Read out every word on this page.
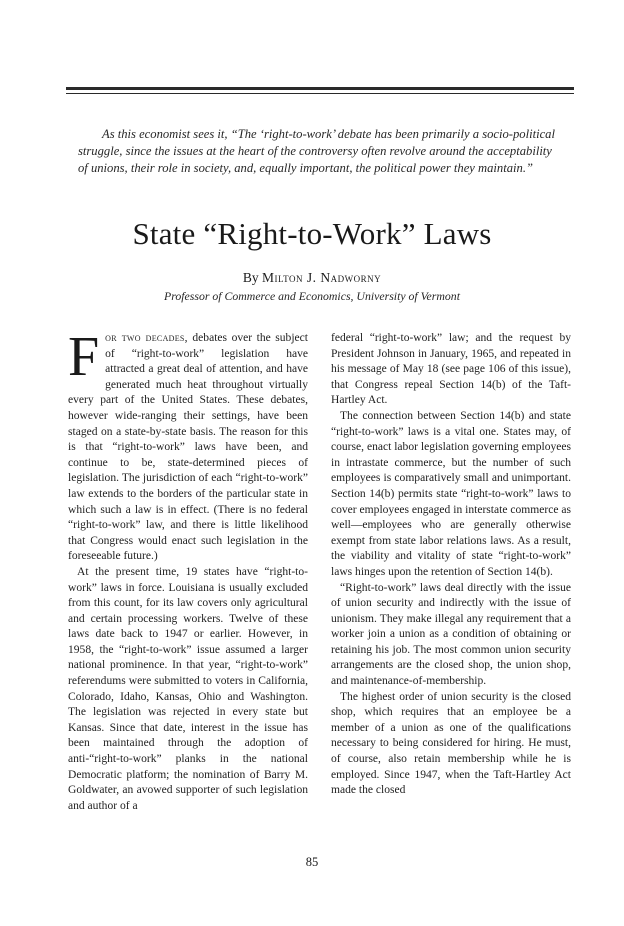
As this economist sees it, “The ‘right-to-work’ debate has been primarily a socio-political struggle, since the issues at the heart of the controversy often revolve around the acceptability of unions, their role in society, and, equally important, the political power they maintain.”
State “Right-to-Work” Laws
By Milton J. Nadworny
Professor of Commerce and Economics, University of Vermont

For two decades, debates over the subject of “right-to-work” legislation have attracted a great deal of attention, and have generated much heat throughout virtually every part of the United States. These debates, however wide-ranging their settings, have been staged on a state-by-state basis. The reason for this is that “right-to-work” laws have been, and continue to be, state-determined pieces of legislation. The jurisdiction of each “right-to-work” law extends to the borders of the particular state in which such a law is in effect. (There is no federal “right-to-work” law, and there is little likelihood that Congress would enact such legislation in the foreseeable future.)

At the present time, 19 states have “right-to-work” laws in force. Louisiana is usually excluded from this count, for its law covers only agricultural and certain processing workers. Twelve of these laws date back to 1947 or earlier. However, in 1958, the “right-to-work” issue assumed a larger national prominence. In that year, “right-to-work” referendums were submitted to voters in California, Colorado, Idaho, Kansas, Ohio and Washington. The legislation was rejected in every state but Kansas. Since that date, interest in the issue has been maintained through the adoption of anti-“right-to-work” planks in the national Democratic platform; the nomination of Barry M. Goldwater, an avowed supporter of such legislation and author of a

federal “right-to-work” law; and the request by President Johnson in January, 1965, and repeated in his message of May 18 (see page 106 of this issue), that Congress repeal Section 14(b) of the Taft-Hartley Act.

The connection between Section 14(b) and state “right-to-work” laws is a vital one. States may, of course, enact labor legislation governing employees in intrastate commerce, but the number of such employees is comparatively small and unimportant. Section 14(b) permits state “right-to-work” laws to cover employees engaged in interstate commerce as well—employees who are generally otherwise exempt from state labor relations laws. As a result, the viability and vitality of state “right-to-work” laws hinges upon the retention of Section 14(b).

“Right-to-work” laws deal directly with the issue of union security and indirectly with the issue of unionism. They make illegal any requirement that a worker join a union as a condition of obtaining or retaining his job. The most common union security arrangements are the closed shop, the union shop, and maintenance-of-membership.

The highest order of union security is the closed shop, which requires that an employee be a member of a union as one of the qualifications necessary to being considered for hiring. He must, of course, also retain membership while he is employed. Since 1947, when the Taft-Hartley Act made the closed

85
